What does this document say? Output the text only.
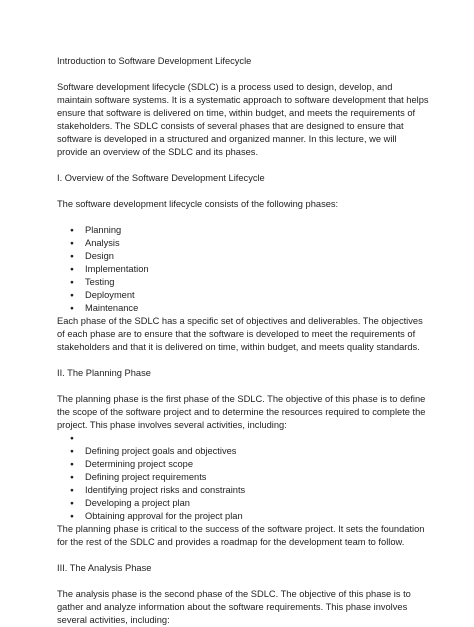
Introduction to Software Development Lifecycle

Software development lifecycle (SDLC) is a process used to design, develop, and maintain software systems. It is a systematic approach to software development that helps ensure that software is delivered on time, within budget, and meets the requirements of stakeholders. The SDLC consists of several phases that are designed to ensure that software is developed in a structured and organized manner. In this lecture, we will provide an overview of the SDLC and its phases.

I. Overview of the Software Development Lifecycle

The software development lifecycle consists of the following phases:

● Planning
● Analysis
● Design
● Implementation
● Testing
● Deployment
● Maintenance

Each phase of the SDLC has a specific set of objectives and deliverables. The objectives of each phase are to ensure that the software is developed to meet the requirements of stakeholders and that it is delivered on time, within budget, and meets quality standards.

II. The Planning Phase

The planning phase is the first phase of the SDLC. The objective of this phase is to define the scope of the software project and to determine the resources required to complete the project. This phase involves several activities, including:

●
● Defining project goals and objectives
● Determining project scope
● Defining project requirements
● Identifying project risks and constraints
● Developing a project plan
● Obtaining approval for the project plan

The planning phase is critical to the success of the software project. It sets the foundation for the rest of the SDLC and provides a roadmap for the development team to follow.

III. The Analysis Phase

The analysis phase is the second phase of the SDLC. The objective of this phase is to gather and analyze information about the software requirements. This phase involves several activities, including:
